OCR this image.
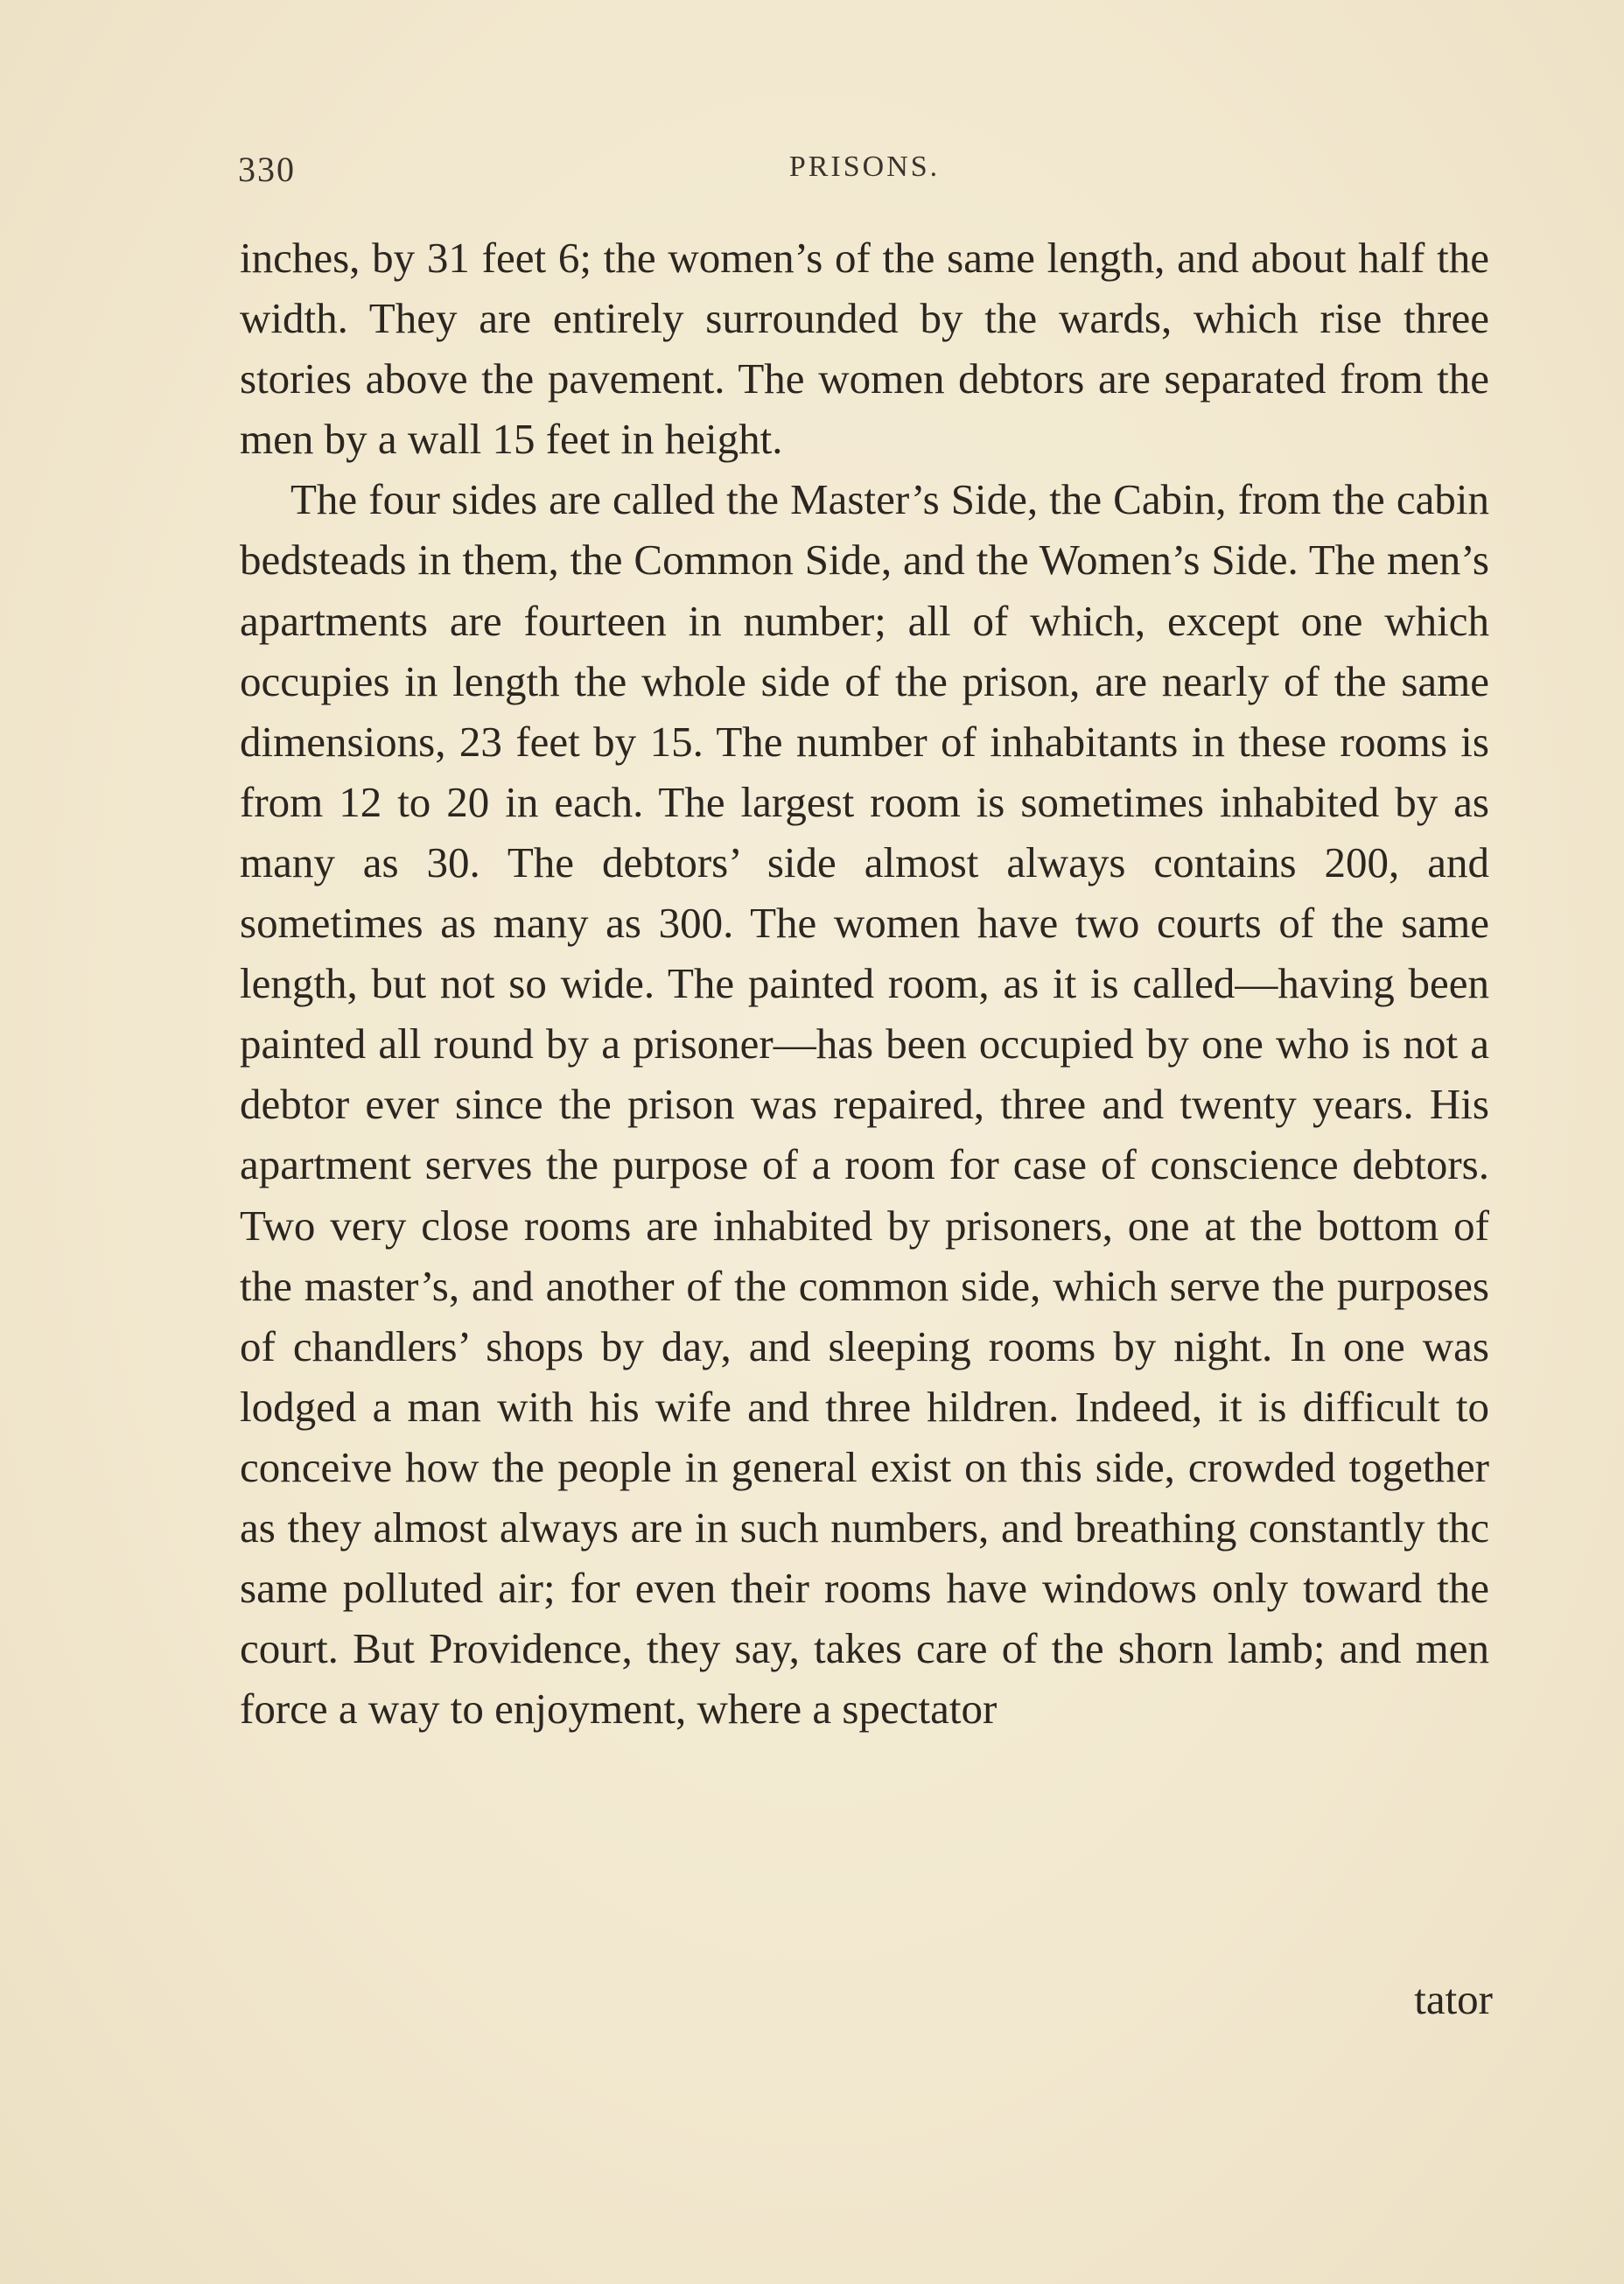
330	PRISONS.

inches, by 31 feet 6; the women’s of the same length, and about half the width. They are entirely surrounded by the wards, which rise three stories above the pavement. The women debtors are separated from the men by a wall 15 feet in height.

The four sides are called the Master’s Side, the Cabin, from the cabin bedsteads in them, the Common Side, and the Women’s Side. The men’s apartments are fourteen in number; all of which, except one which occupies in length the whole side of the prison, are nearly of the same dimensions, 23 feet by 15. The number of inhabitants in these rooms is from 12 to 20 in each. The largest room is sometimes inhabited by as many as 30. The debtors’ side almost always contains 200, and sometimes as many as 300. The women have two courts of the same length, but not so wide. The painted room, as it is called—having been painted all round by a prisoner—has been occupied by one who is not a debtor ever since the prison was repaired, three and twenty years. His apartment serves the purpose of a room for case of conscience debtors. Two very close rooms are inhabited by prisoners, one at the bottom of the master’s, and another of the common side, which serve the purposes of chandlers’ shops by day, and sleeping rooms by night. In one was lodged a man with his wife and three hildren. Indeed, it is difficult to conceive how the people in general exist on this side, crowded together as they almost always are in such numbers, and breathing constantly thc same polluted air; for even their rooms have windows only toward the court. But Providence, they say, takes care of the shorn lamb; and men force a way to enjoyment, where a spectator

tator
